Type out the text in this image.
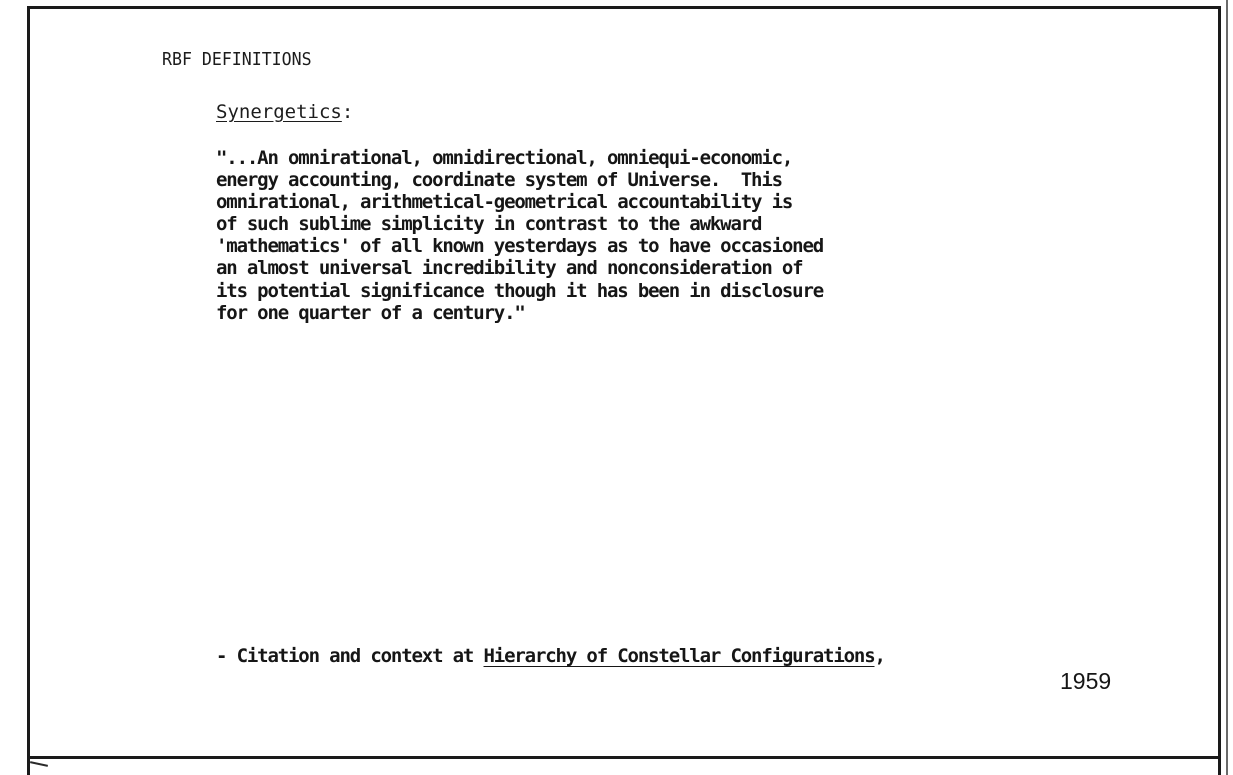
RBF DEFINITIONS
Synergetics:
"...An omnirational, omnidirectional, omniequi-economic,
energy accounting, coordinate system of Universe.  This
omnirational, arithmetical-geometrical accountability is
of such sublime simplicity in contrast to the awkward
'mathematics' of all known yesterdays as to have occasioned
an almost universal incredibility and nonconsideration of
its potential significance though it has been in disclosure
for one quarter of a century."
- Citation and context at Hierarchy of Constellar Configurations,
1959
